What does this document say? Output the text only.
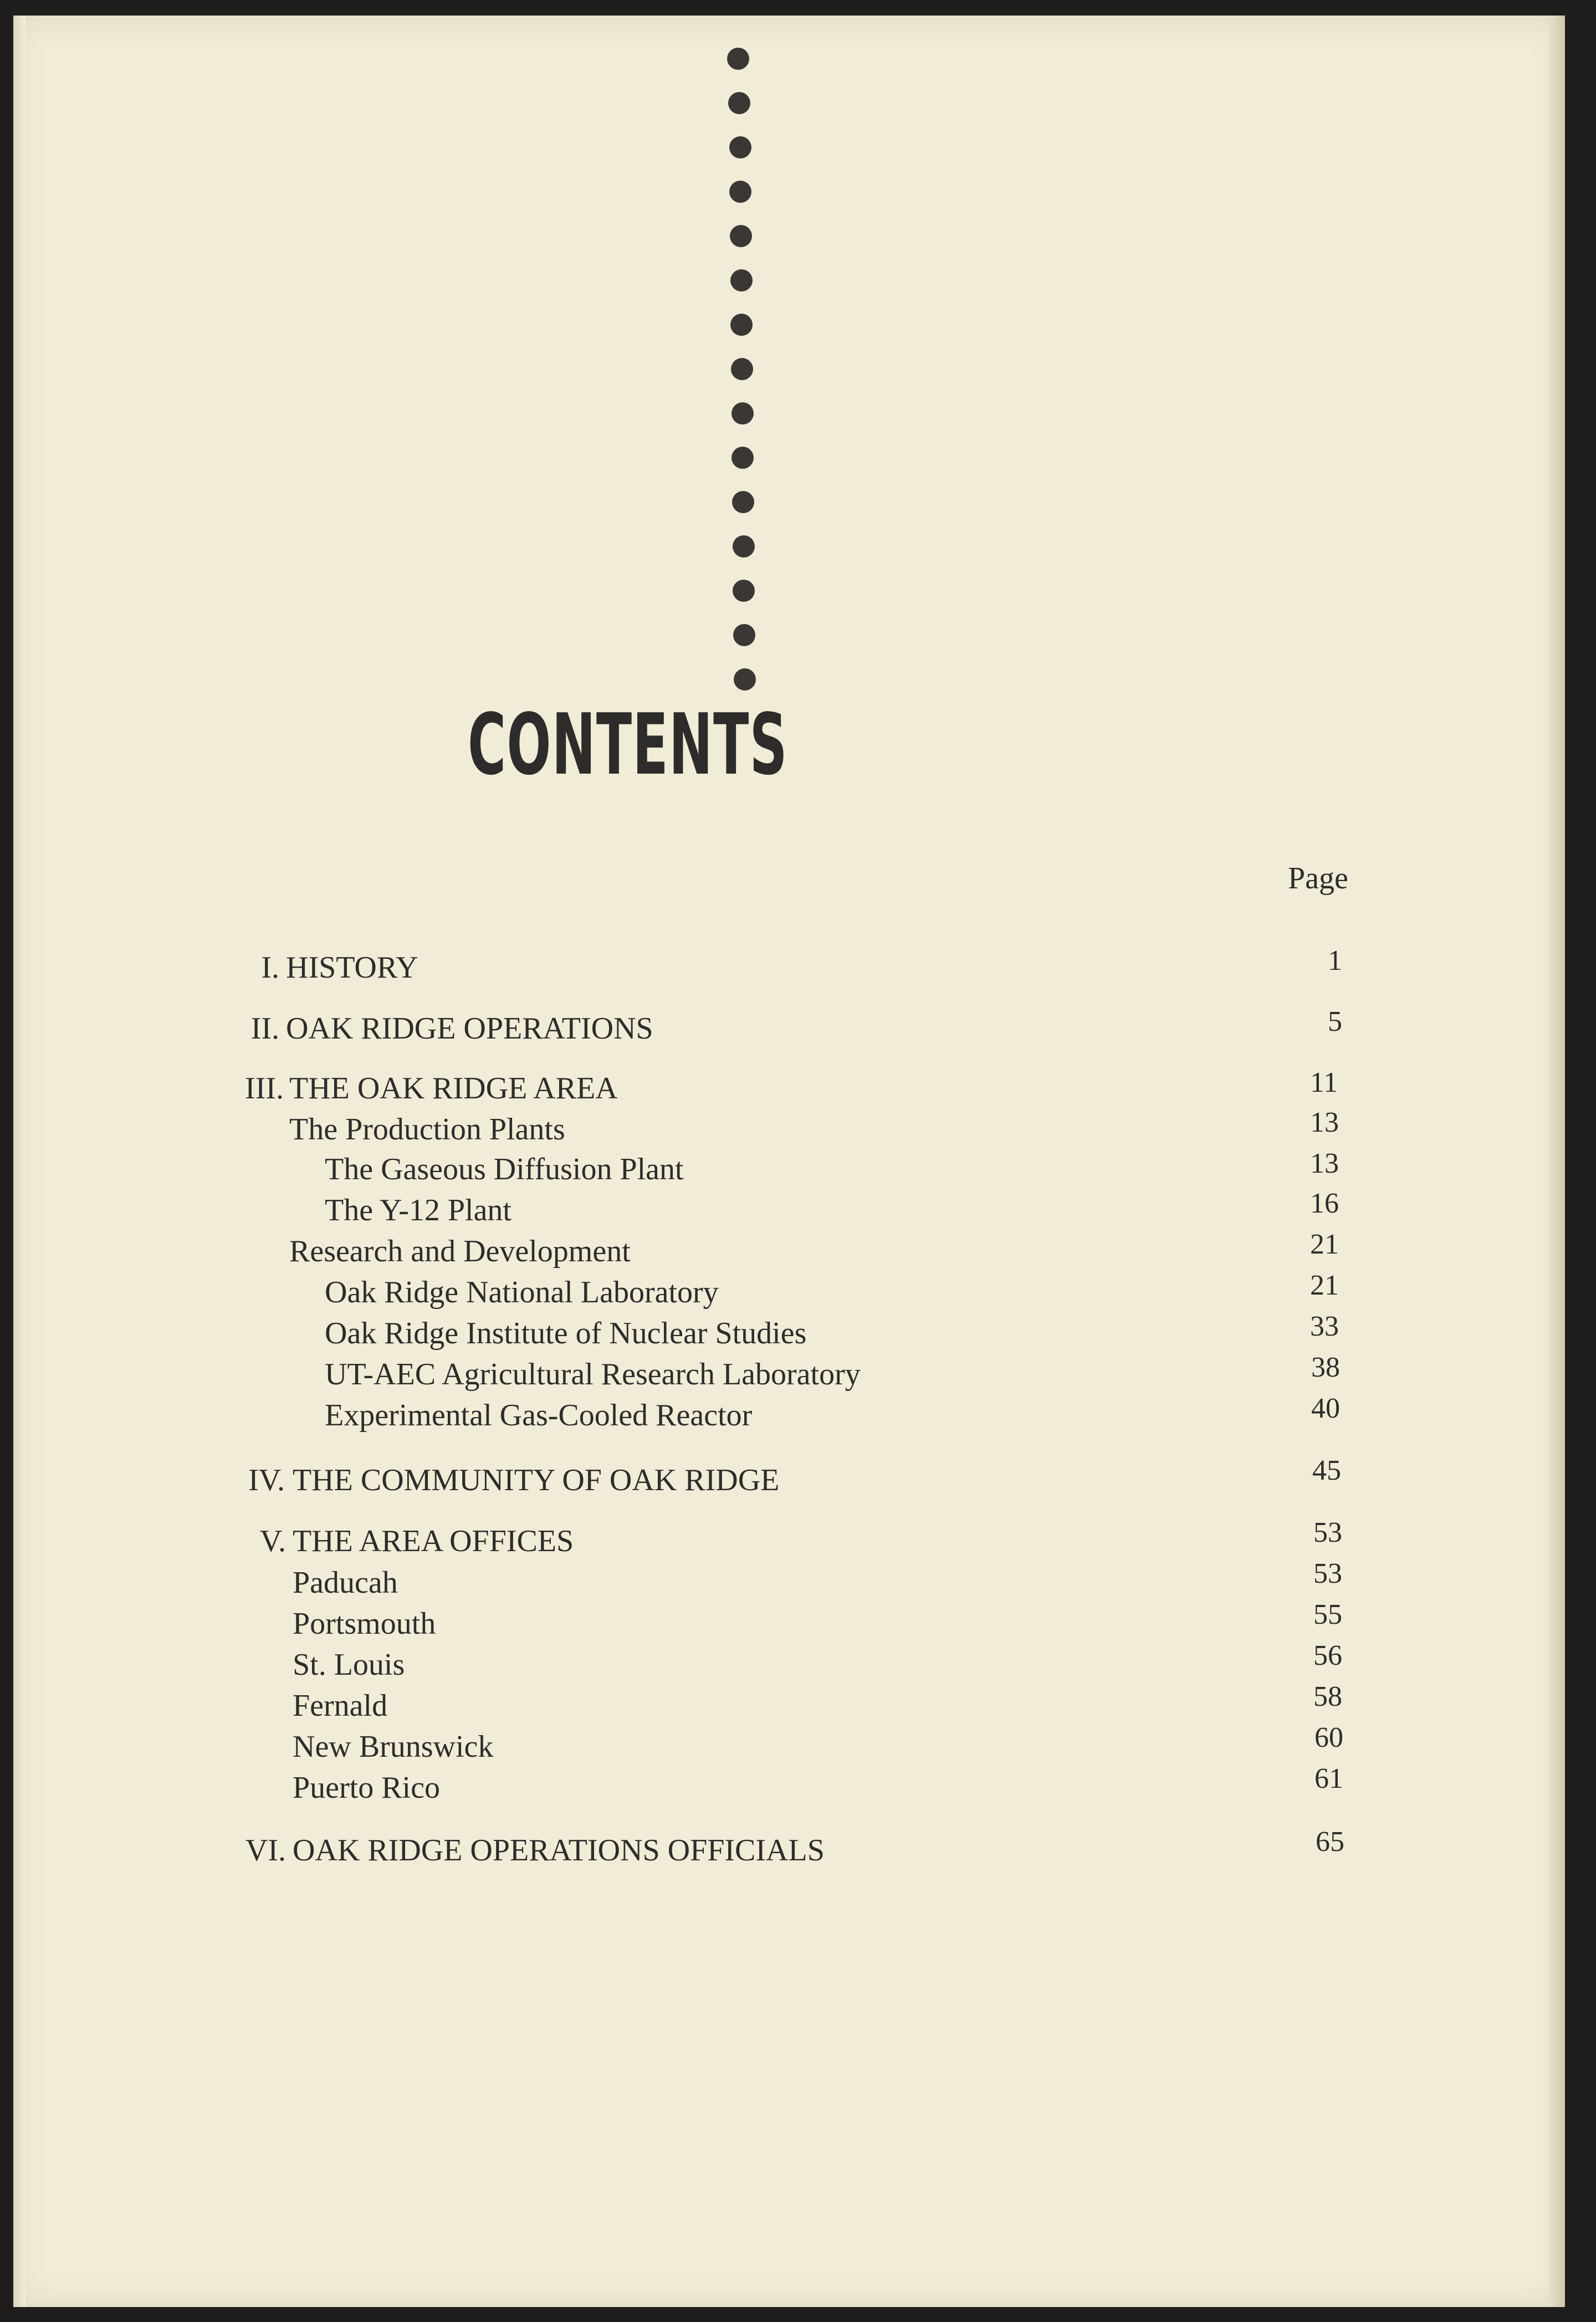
CONTENTS
Page
I.
II.
III.
IV.
V.
VI.
HISTORY
OAK RIDGE OPERATIONS
THE OAK RIDGE AREA
The Production Plants
The Gaseous Diffusion Plant
The Y-12 Plant
Research and Development
Oak Ridge National Laboratory
Oak Ridge Institute of Nuclear Studies
UT-AEC Agricultural Research Laboratory
Experimental Gas-Cooled Reactor
THE COMMUNITY OF OAK RIDGE
THE AREA OFFICES
Paducah
Portsmouth
St. Louis
Fernald
New Brunswick
Puerto Rico
OAK RIDGE OPERATIONS OFFICIALS
1
5
11
13
13
16
21
21
33
38
40
45
53
53
55
56
58
60
61
65
